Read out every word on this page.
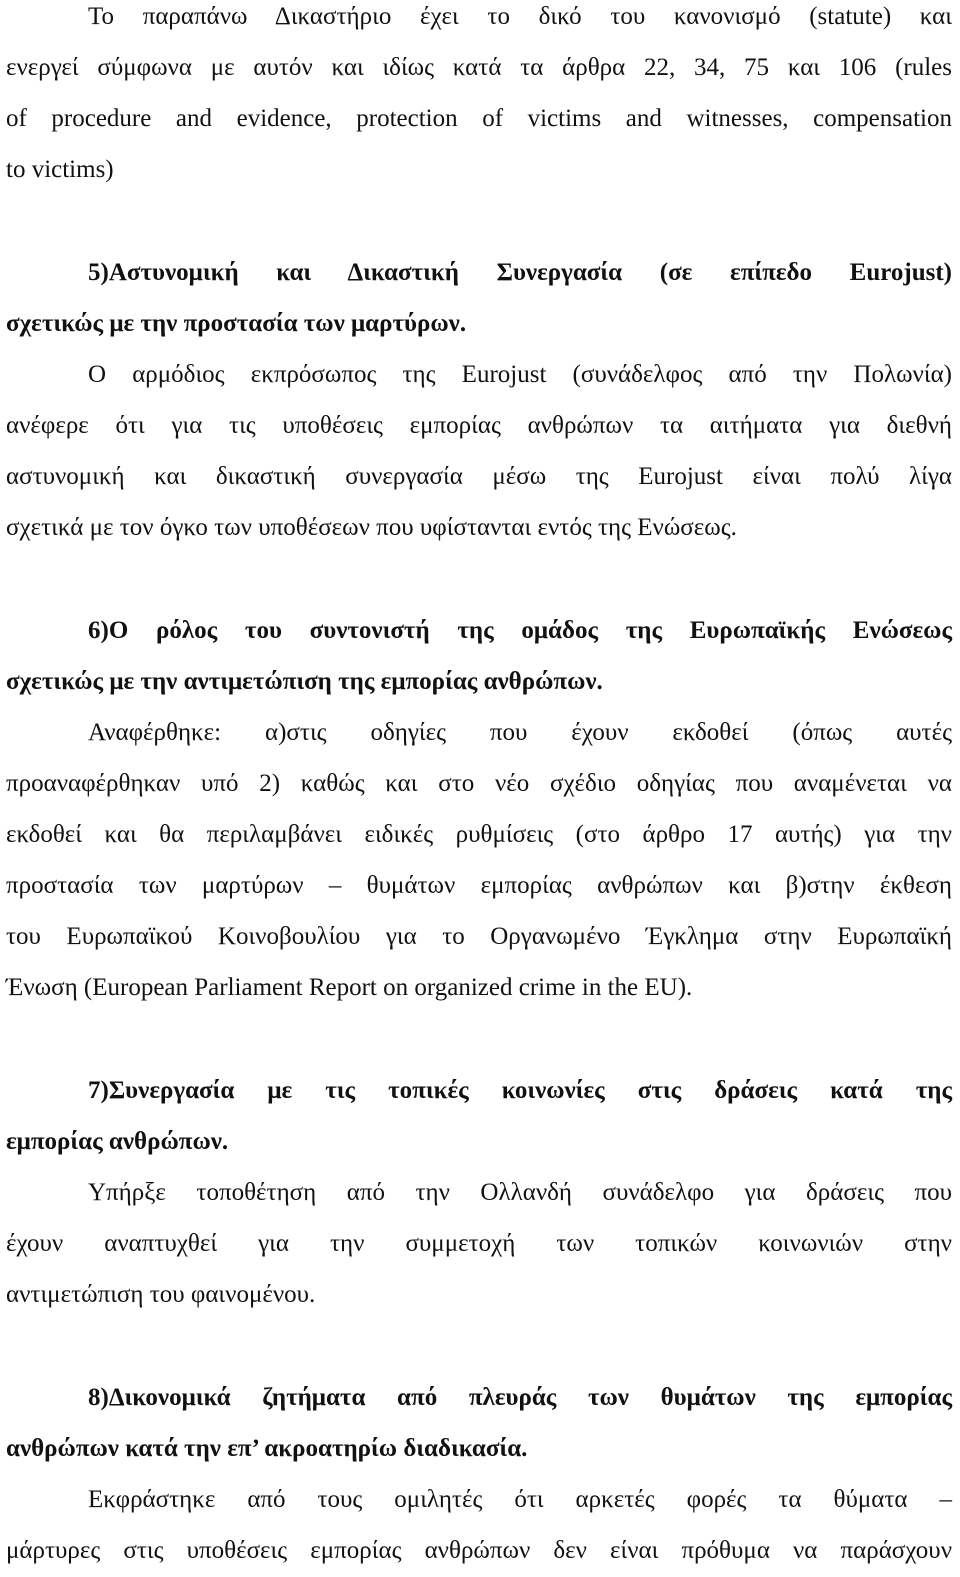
Το παραπάνω Δικαστήριο έχει το δικό του κανονισμό (statute) και
ενεργεί σύμφωνα με αυτόν και ιδίως κατά τα άρθρα 22, 34, 75 και 106 (rules
of procedure and evidence, protection of victims and witnesses, compensation
to victims)
5)Αστυνομική και Δικαστική Συνεργασία (σε επίπεδο Eurojust)
σχετικώς με την προστασία των μαρτύρων.
Ο αρμόδιος εκπρόσωπος της Eurojust (συνάδελφος από την Πολωνία)
ανέφερε ότι για τις υποθέσεις εμπορίας ανθρώπων τα αιτήματα για διεθνή
αστυνομική και δικαστική συνεργασία μέσω της Eurojust είναι πολύ λίγα
σχετικά με τον όγκο των υποθέσεων που υφίστανται εντός της Ενώσεως.
6)Ο ρόλος του συντονιστή της ομάδος της Ευρωπαϊκής Ενώσεως
σχετικώς με την αντιμετώπιση της εμπορίας ανθρώπων.
Αναφέρθηκε: α)στις οδηγίες που έχουν εκδοθεί (όπως αυτές
προαναφέρθηκαν υπό 2) καθώς και στο νέο σχέδιο οδηγίας που αναμένεται να
εκδοθεί και θα περιλαμβάνει ειδικές ρυθμίσεις (στο άρθρο 17 αυτής) για την
προστασία των μαρτύρων – θυμάτων εμπορίας ανθρώπων και β)στην έκθεση
του Ευρωπαϊκού Κοινοβουλίου για το Οργανωμένο Έγκλημα στην Ευρωπαϊκή
Ένωση (European Parliament Report on organized crime in the EU).
7)Συνεργασία με τις τοπικές κοινωνίες στις δράσεις κατά της
εμπορίας ανθρώπων.
Υπήρξε τοποθέτηση από την Ολλανδή συνάδελφο για δράσεις που
έχουν αναπτυχθεί για την συμμετοχή των τοπικών κοινωνιών στην
αντιμετώπιση του φαινομένου.
8)Δικονομικά ζητήματα από πλευράς των θυμάτων της εμπορίας
ανθρώπων κατά την επ’ ακροατηρίω διαδικασία.
Εκφράστηκε από τους ομιλητές ότι αρκετές φορές τα θύματα –
μάρτυρες στις υποθέσεις εμπορίας ανθρώπων δεν είναι πρόθυμα να παράσχουν
